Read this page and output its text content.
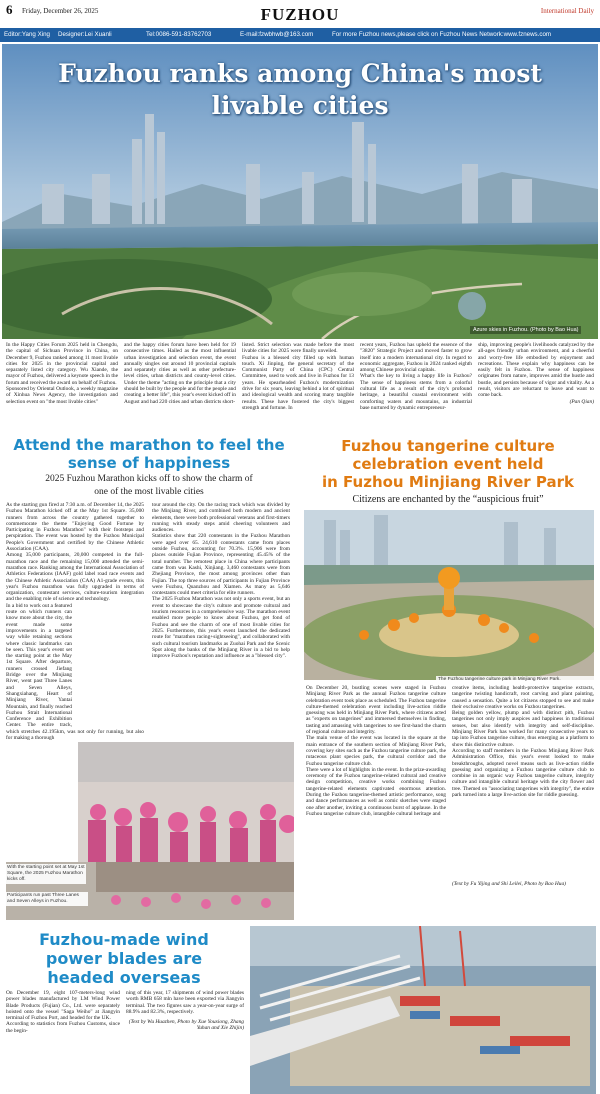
6 Friday, December 26, 2025	FUZHOU	International Daily
Editor:Yang Xing Designer:Lei Xuanli	Tel:0086-591-83762703	E-mail:fzwbhwb@163.com	For more Fuzhou news,please click on Fuzhou News Network:www.fznews.com
Fuzhou ranks among China's most
livable cities
Azure skies in Fuzhou. (Photo by Bao Hua)

In the Happy Cities Forum 2025 held in Chengdu, the capital of Sichuan Province in China, on December 9, Fuzhou ranked among 11 most livable cities for 2025 in the provincial capital and separately listed city category. Wu Xiande, the mayor of Fuzhou, delivered a keynote speech in the forum and received the award on behalf of Fuzhou.

Sponsored by Oriental Outlook, a weekly magazine of Xinhua News Agency, the investigation and selection event on "the most livable cities"

and the happy cities forum have been held for 19 consecutive times. Hailed as the most influential urban investigation and selection event, the event annually singles out around 10 provincial capitals and separately cities as well as other prefecture-level cities, urban districts and county-level cities. Under the theme "acting on the principle that a city should be built by the people and for the people and creating a better life", this year's event kicked off in August and had 220 cities and urban districts short-

listed. Strict selection was made before the most livable cities for 2025 were finally unveiled.

Fuzhou is a blessed city filled up with human touch. Xi Jinping, the general secretary of the Communist Party of China (CPC) Central Committee, used to work and live in Fuzhou for 13 years. He spearheaded Fuzhou's modernization drive for six years, leaving behind a lot of spiritual and ideological wealth and scoring many tangible results. These have fostered the city's biggest strength and fortune. In

recent years, Fuzhou has upheld the essence of the "3820" Strategic Project and moved faster to grow itself into a modern international city. In regard to economic aggregate, Fuzhou in 2024 ranked eighth among Chinese provincial capitals.

What's the key to living a happy life in Fuzhou? The sense of happiness stems from a colorful cultural life as a result of the city's profound heritage, a beautiful coastal environment with comforting waters and mountains, an industrial base nurtured by dynamic entrepreneur-

ship, improving people's livelihoods catalyzed by the all-ages friendly urban environment, and a cheerful and worry-free life embodied by enjoyment and recreations. These explain why happiness can be easily felt in Fuzhou. The sense of happiness originates from nature, improves amid the hustle and bustle, and persists because of vigor and vitality. As a result, visitors are reluctant to leave and want to come back.

(Pan Qian)

Attend the marathon to feel the
sense of happiness
2025 Fuzhou Marathon kicks off to show the charm of
one of the most livable cities

As the starting gun fired at 7:30 a.m. of December 14, the 2025 Fuzhou Marathon kicked off at the May 1st Square. 35,000 runners from across the country gathered together to commemorate the theme "Enjoying Good Fortune by Participating in Fuzhou Marathon" with their footsteps and perspiration. The event was hosted by the Fuzhou Municipal People's Government and certified by the Chinese Athletic Association (CAA).

Among 35,000 participants, 20,000 competed in the full-marathon race and the remaining 15,000 attended the semi-marathon race. Ranking among the International Association of Athletics Federations (IAAF) gold label road race events and the Chinese Athletic Association (CAA) A1-grade events, this year's Fuzhou marathon was fully upgraded in terms of organization, contestant services, culture-tourism integration and the enabling role of science and technology.

In a bid to work out a featured route on which runners can know more about the city, the event made some improvements in a targeted way while retaining sections where classic landmarks can be seen. This year's event set the starting point at the May 1st Square. After departure, runners crossed Jiefang Bridge over the Minjiang River, went past Three Lanes and Seven Alleys, Shangxiahang, Heart of Minjiang River, Yantai Mountain, and finally reached Fuzhou Strait International Conference and Exhibition Center. The entire track, which stretches 42.195km, was not only for running, but also for making a thorough

tour around the city. On the racing track which was divided by the Minjiang River, and combined both modern and ancient elements, there were both professional veterans and first-timers running with steady steps amid cheering volunteers and audiences.

Statistics show that 220 contestants in the Fuzhou Marathon were aged over 65. 24,610 contestants came from places outside Fuzhou, accounting for 70.3%. 15,906 were from places outside Fujian Province, representing 45.45% of the total number. The remotest place in China where participants came from was Kashi, Xinjiang. 3,460 contestants were from Zhejiang Province, the most among provinces other than Fujian. The top three sources of participants in Fujian Province were Fuzhou, Quanzhou and Xiamen. As many as 5,646 contestants could meet criteria for elite runners.

The 2025 Fuzhou Marathon was not only a sports event, but an event to showcase the city's culture and promote cultural and tourism resources in a comprehensive way. The marathon event enabled more people to know about Fuzhou, get fond of Fuzhou and see the charm of one of most livable cities for 2025. Furthermore, this year's event launched the dedicated route for "marathon racing+sightseeing", and collaborated with such cultural tourism landmarks as Zuohai Park and the Scenic Spot along the banks of the Minjiang River in a bid to help improve Fuzhou's reputation and influence as a "blessed city".

With the starting point set at May 1st Square, the 2025 Fuzhou Marathon kicks off.
Participants run past Three Lanes and Seven Alleys in Fuzhou.
Fuzhou tangerine culture
celebration event held
in Fuzhou Minjiang River Park
Citizens are enchanted by the “auspicious fruit”
The Fuzhou tangerine culture park in Minjiang River Park.

On December 20, bustling scenes were staged in Fuzhou Minjiang River Park as the annual Fuzhou tangerine culture celebration event took place as scheduled. The Fuzhou tangerine culture-themed celebration event including live-action riddle guessing was held in Minjiang River Park, where citizens acted as "experts on tangerines" and immersed themselves in finding, tasting and amassing with tangerines to see first-hand the charm of regional culture and integrity.

The main venue of the event was located in the square at the main entrance of the southern section of Minjiang River Park, covering key sites such as the Fuzhou tangerine culture park, the rutaceous plant species park, the cultural corridor and the Fuzhou tangerine culture club.

There were a lot of highlights in the event. In the prize-awarding ceremony of the Fuzhou tangerine-related cultural and creative design competition, creative works combining Fuzhou tangerine-related elements captivated enormous attention. During the Fuzhou tangerine-themed artistic performance, song and dance performances as well as comic sketches were staged one after another, inviting a continuous burst of applause. In the Fuzhou tangerine culture club, intangible cultural heritage and

creative items, including health-protective tangerine extracts, tangerine twisting handicraft, root carving and plant painting, caused a sensation. Quite a lot citizens stopped to see and make their exclusive creative works on Fuzhou tangerines.

Being golden yellow, plump and with distinct pith, Fuzhou tangerines not only imply auspices and happiness in traditional senses, but also identify with integrity and self-discipline. Minjiang River Park has worked for many consecutive years to tap into Fuzhou tangerine culture, thus emerging as a platform to show this distinctive culture.

According to staff members in the Fuzhou Minjiang River Park Administration Office, this year's event looked to make breakthroughs, adopted novel means such as live-action riddle guessing and organizing a Fuzhou tangerine culture club to combine in an organic way Fuzhou tangerine culture, integrity culture and intangible cultural heritage with the city flower and tree. Themed on "associating tangerines with integrity", the entire park turned into a large live-action site for riddle guessing.

(Text by Fu Yijing and Shi Leilei, Photo by Bao Hua)
Fuzhou-made wind
power blades are
headed overseas

On December 19, eight 107-meters-long wind power blades manufactured by LM Wind Power Blade Products (Fujian) Co., Ltd. were separately hoisted onto the vessel "Saga Weiho" at Jiangyin terminal of Fuzhou Port, and headed for the UK.

According to statistics from Fuzhou Customs, since the begin-

ning of this year, 17 shipments of wind power blades worth RMB 658 mln have been exported via Jiangyin terminal. The two figures saw a year-on-year surge of 88.9% and 82.3%, respectively.

(Text by Wu Huazhen, Photo by Xue Youxiong, Zhang Yuhan and Xie Zhijin)
